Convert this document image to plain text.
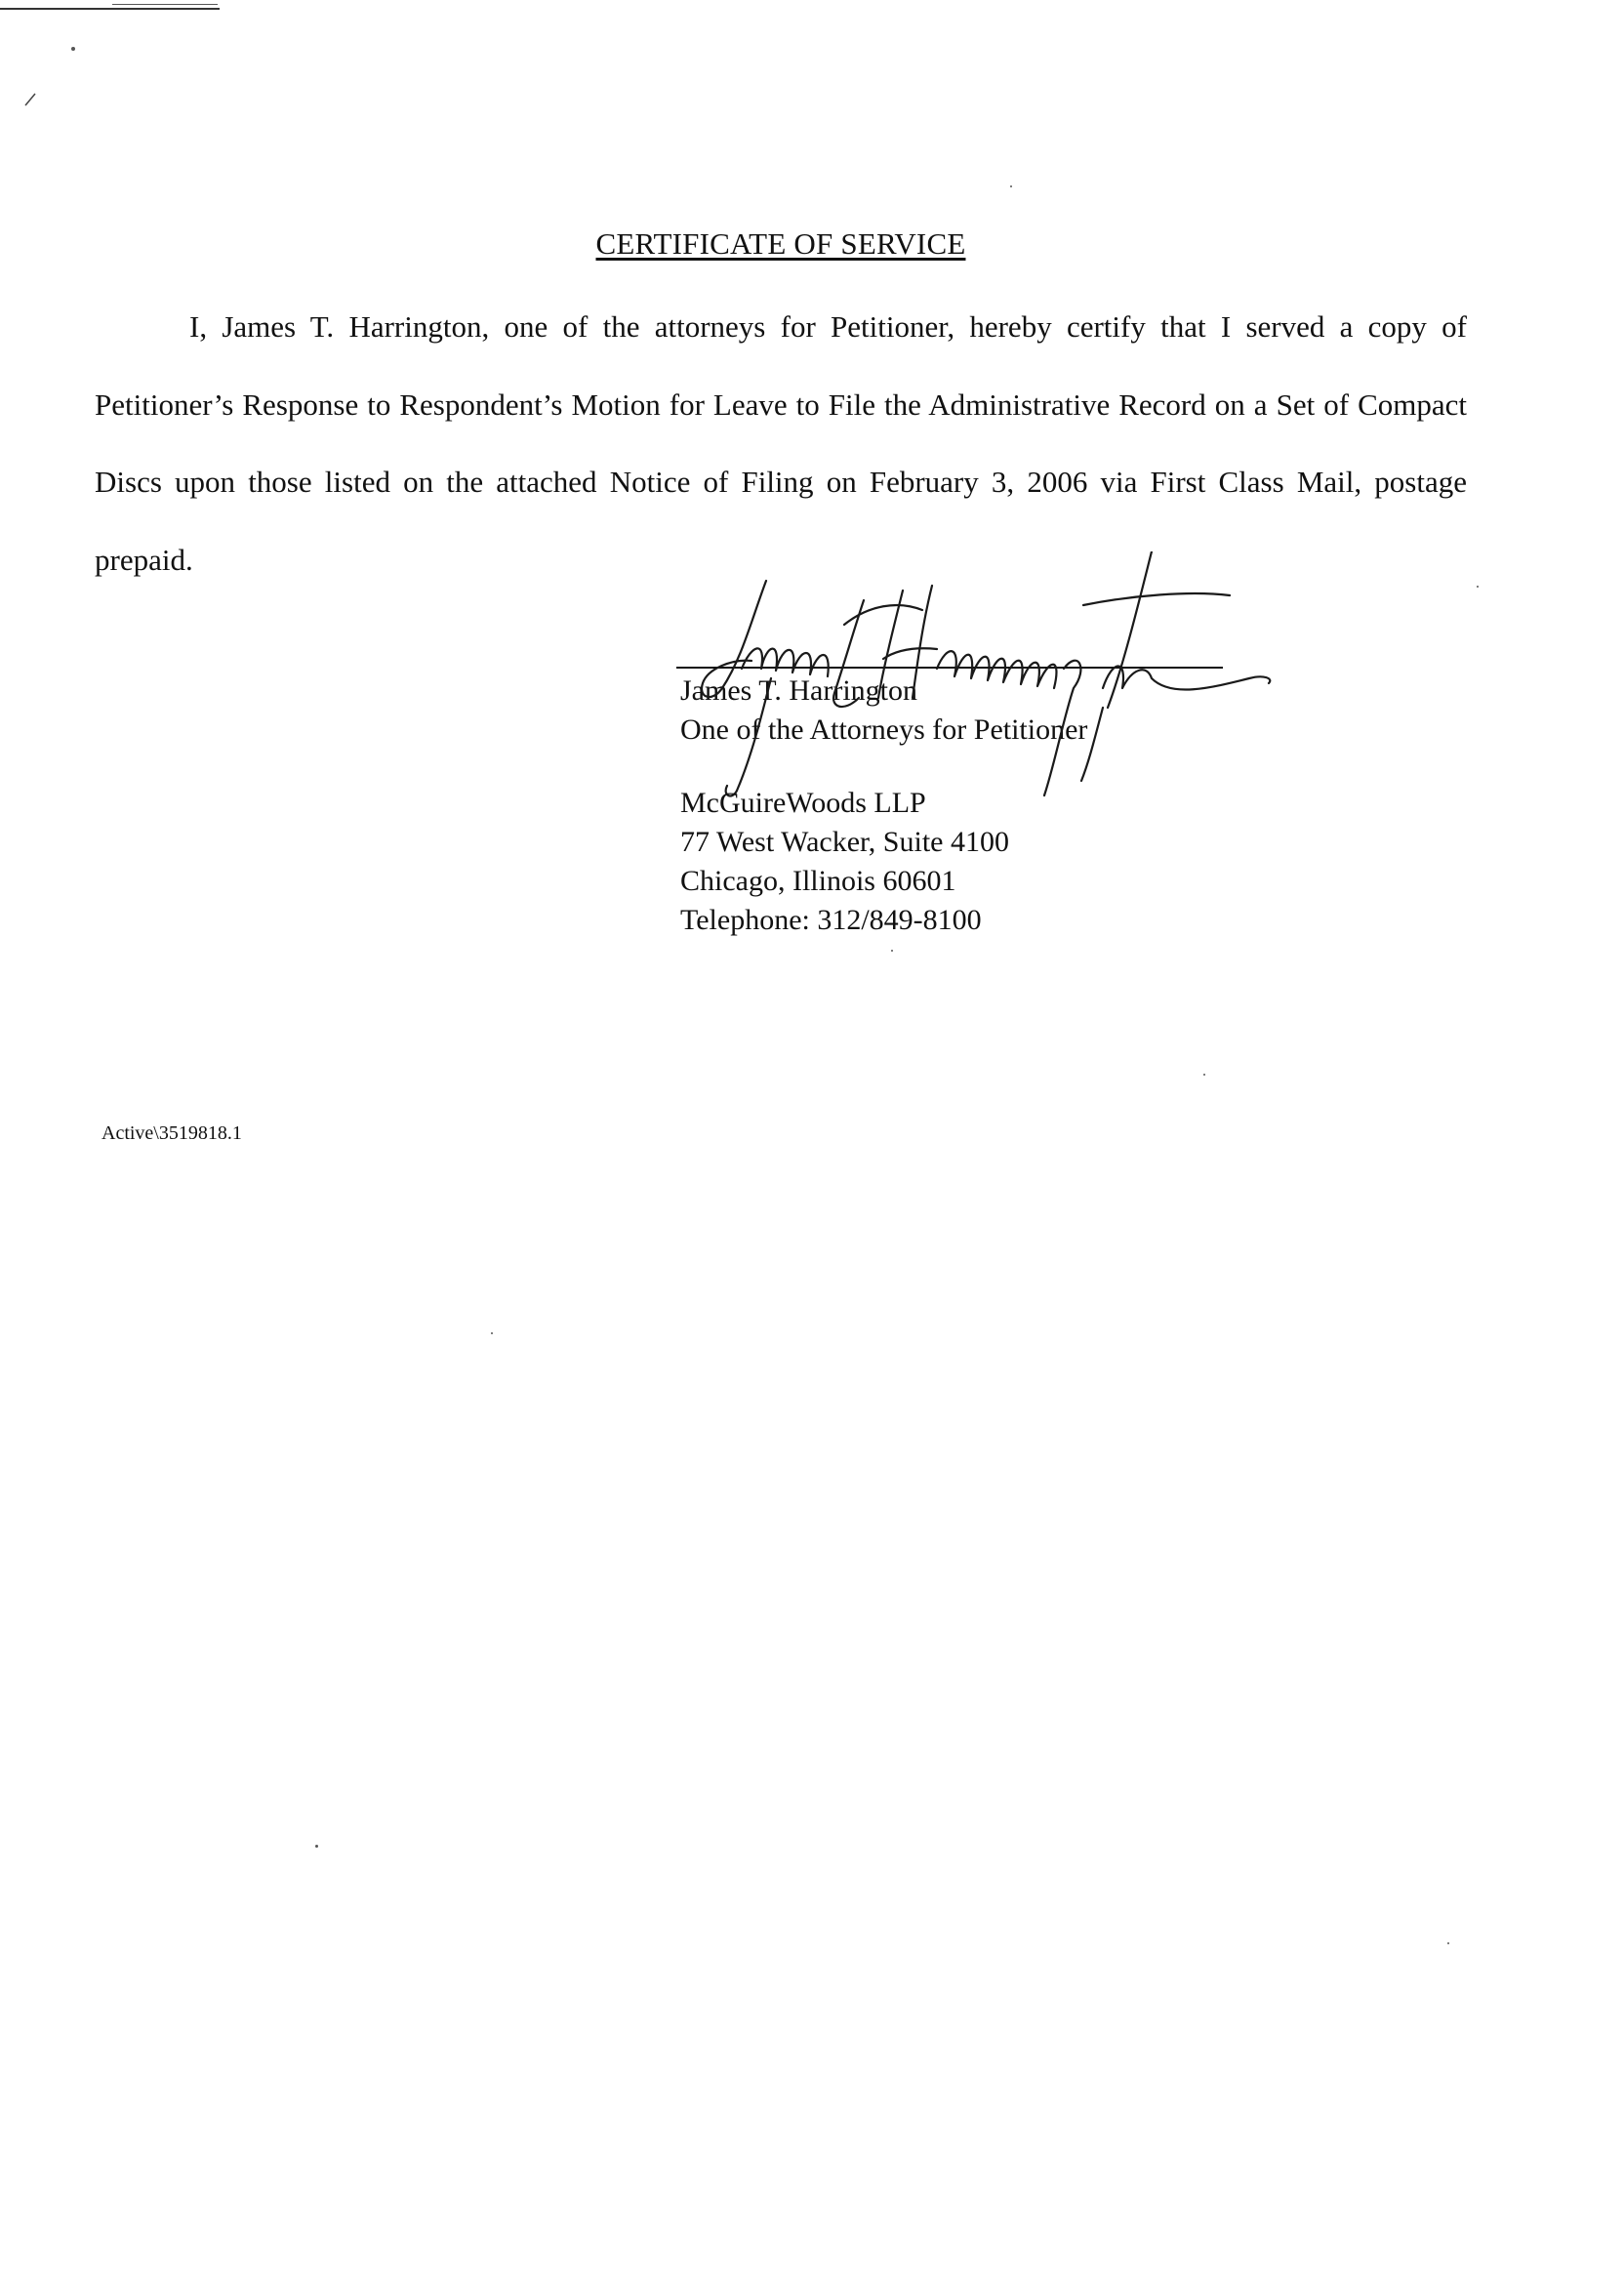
CERTIFICATE OF SERVICE

I, James T. Harrington, one of the attorneys for Petitioner, hereby certify that I served a copy of Petitioner’s Response to Respondent’s Motion for Leave to File the Administrative Record on a Set of Compact Discs upon those listed on the attached Notice of Filing on February 3, 2006 via First Class Mail, postage prepaid.

James T. Harrington
One of the Attorneys for Petitioner
McGuireWoods LLP
77 West Wacker, Suite 4100
Chicago, Illinois 60601
Telephone: 312/849-8100
Active\3519818.1
